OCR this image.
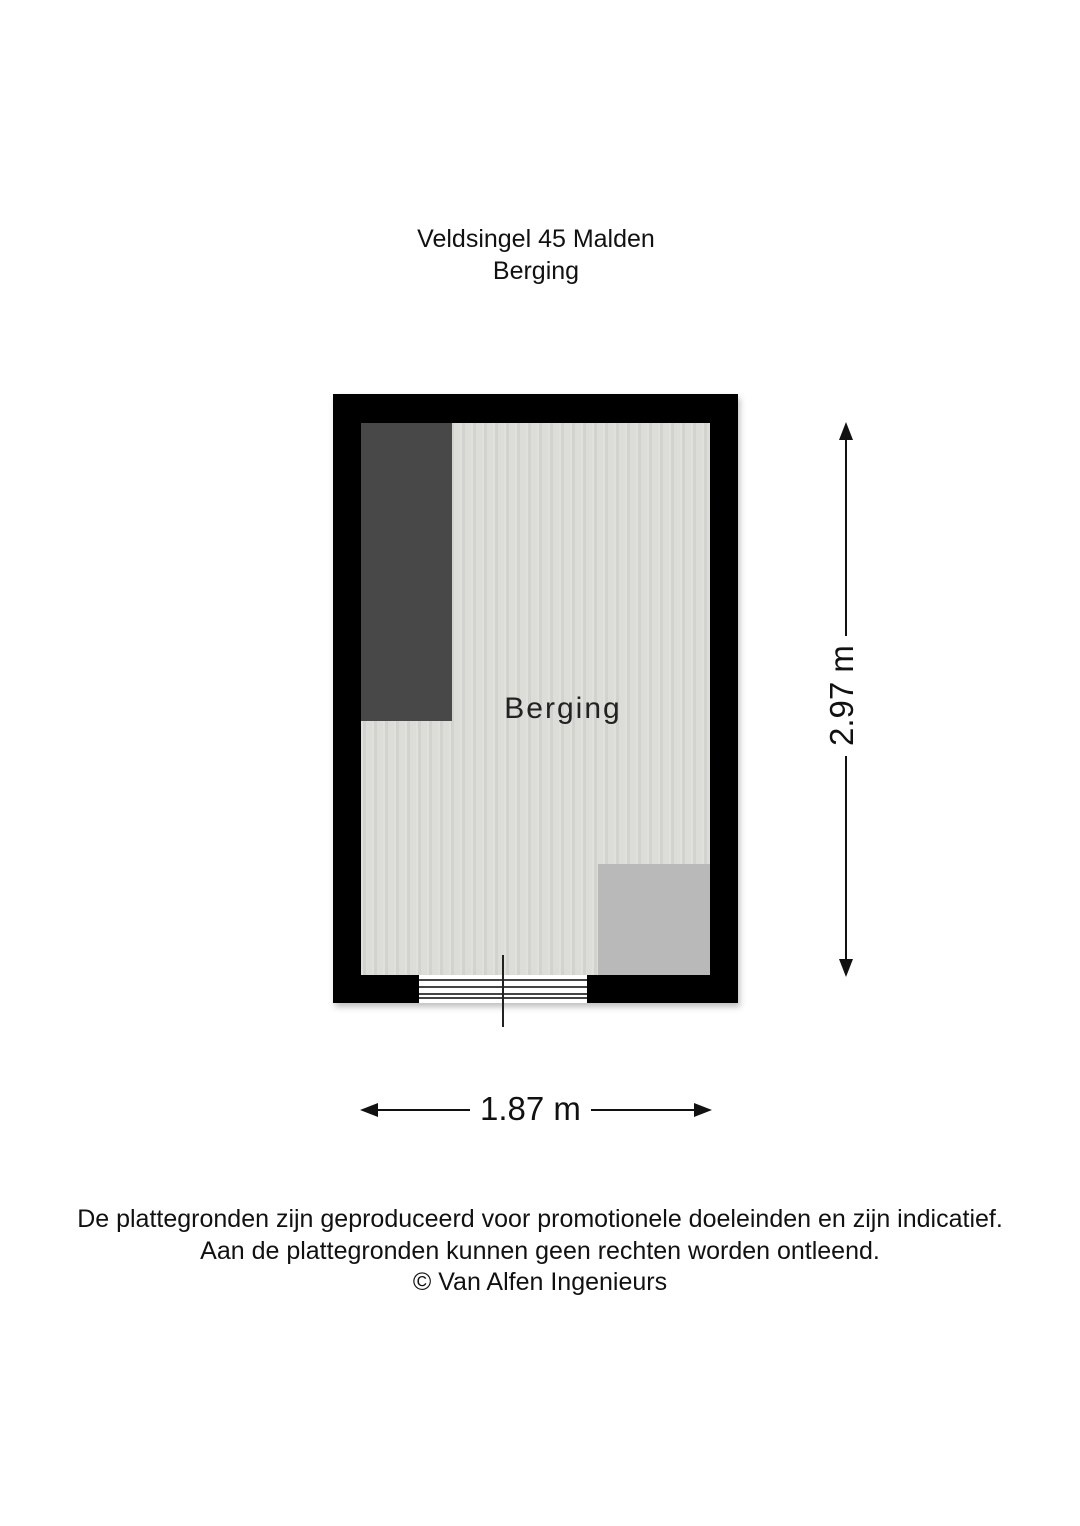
Veldsingel 45 Malden
Berging
Berging	2.97 m
1.87 m
De plattegronden zijn geproduceerd voor promotionele doeleinden en zijn indicatief.
Aan de plattegronden kunnen geen rechten worden ontleend.
© Van Alfen Ingenieurs
